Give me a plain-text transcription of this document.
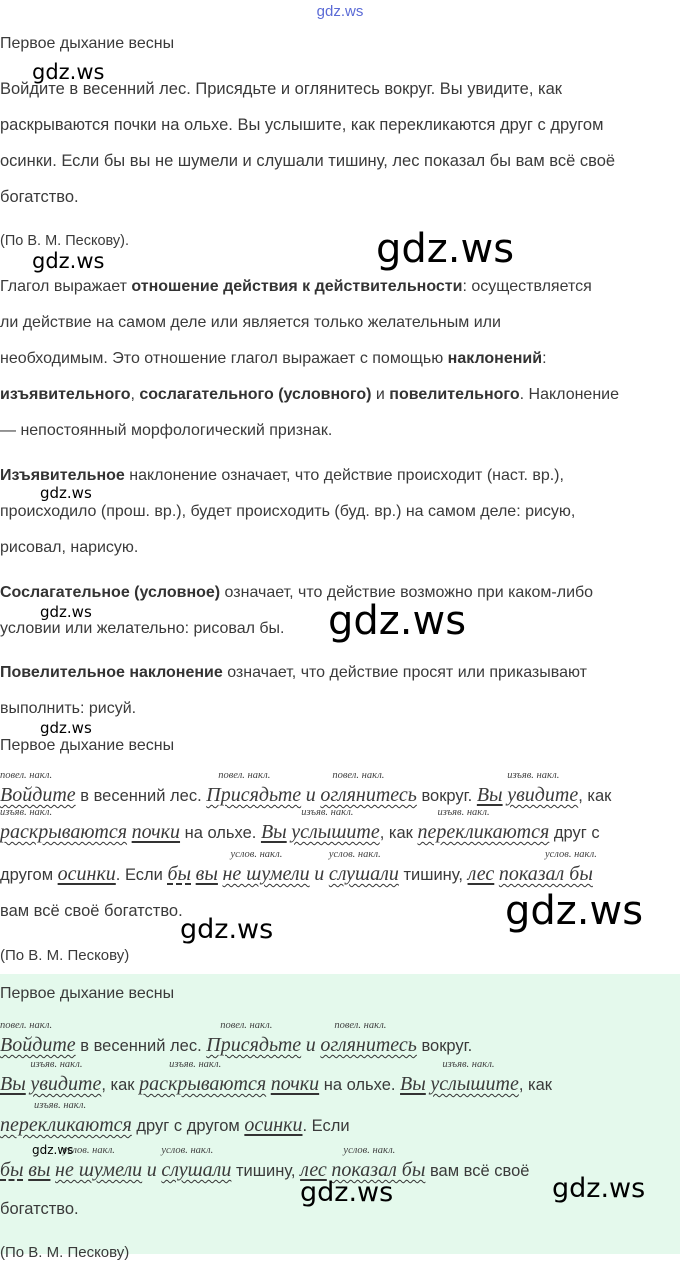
gdz.ws
Первое дыхание весны
Войдите в весенний лес. Присядьте и оглянитесь вокруг. Вы увидите, как
раскрываются почки на ольхе. Вы услышите, как перекликаются друг с другом
осинки. Если бы вы не шумели и слушали тишину, лес показал бы вам всё своё
богатство.
(По В. М. Пескову).
Глагол выражает отношение действия к действительности: осуществляется
ли действие на самом деле или является только желательным или
необходимым. Это отношение глагол выражает с помощью наклонений:
изъявительного, сослагательного (условного) и повелительного. Наклонение
— непостоянный морфологический признак.
Изъявительное наклонение означает, что действие происходит (наст. вр.),
происходило (прош. вр.), будет происходить (буд. вр.) на самом деле: рисую,
рисовал, нарисую.
Сослагательное (условное) означает, что действие возможно при каком-либо
условии или желательно: рисовал бы.
Повелительное наклонение означает, что действие просят или приказывают
выполнить: рисуй.
Первое дыхание весны
повел. накл.
Войдите в весенний лес.
повел. накл.
Присядьте и
повел. накл.
оглянитесь вокруг. Вы
изъяв. накл.
увидите, как
изъяв. накл.
раскрываются почки на ольхе. Вы
изъяв. накл.
услышите, как
изъяв. накл.
перекликаются друг с
другом осинки. Если бы вы
услов. накл.
не шумели и
услов. накл.
слушали тишину, лес
услов. накл.
показал бы
вам всё своё богатство.
(По В. М. Пескову)
Первое дыхание весны
повел. накл.
Войдите в весенний лес.
повел. накл.
Присядьте и
повел. накл.
оглянитесь вокруг.
Вы
изъяв. накл.
увидите, как
изъяв. накл.
раскрываются почки на ольхе. Вы
изъяв. накл.
услышите, как
изъяв. накл.
перекликаются друг с другом осинки. Если
бы вы
услов. накл.
не шумели и
услов. накл.
слушали тишину, лес
услов. накл.
показал бы вам всё своё
богатство.
(По В. М. Пескову)
gdz.ws
gdz.ws	gdz.ws
gdz.ws
gdz.ws	gdz.ws
gdz.ws
gdz.ws
gdz.ws
gdz.ws
gdz.ws	gdz.ws
